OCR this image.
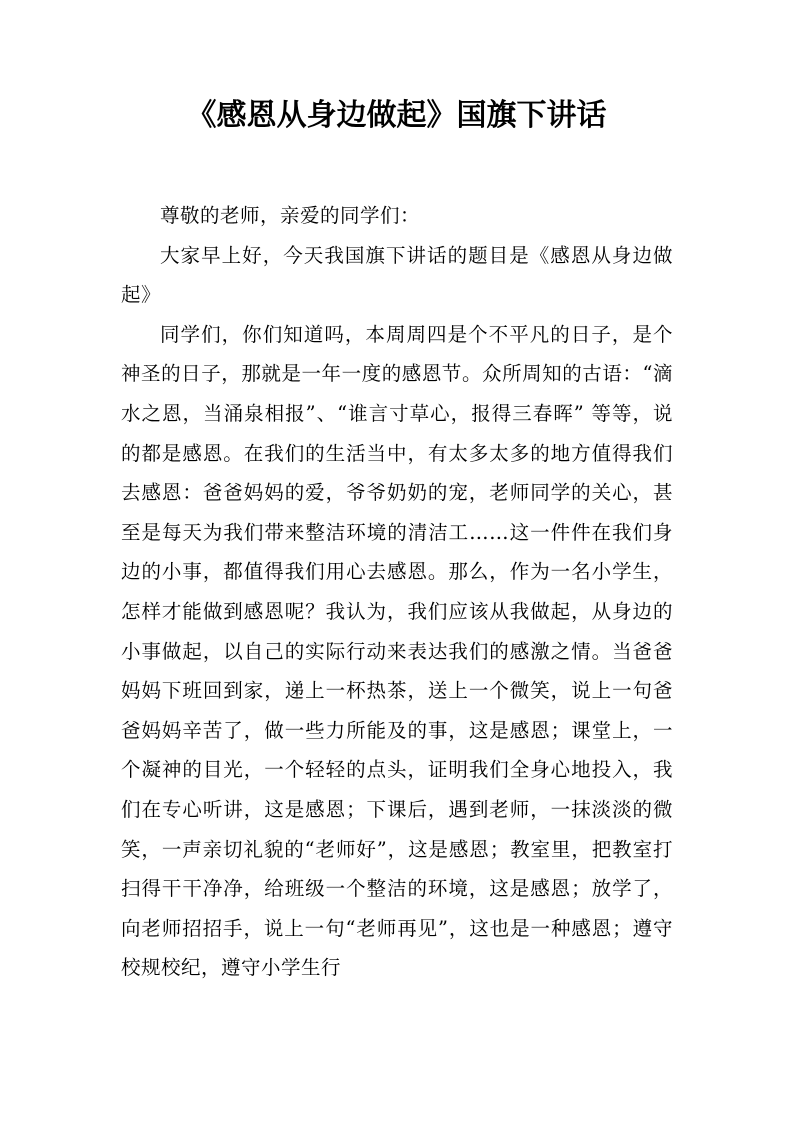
《感恩从身边做起》国旗下讲话

尊敬的老师，亲爱的同学们：

大家早上好，今天我国旗下讲话的题目是《感恩从身边做起》

同学们，你们知道吗，本周周四是个不平凡的日子，是个神圣的日子，那就是一年一度的感恩节。众所周知的古语：“滴水之恩，当涌泉相报”、“谁言寸草心，报得三春晖” 等等，说的都是感恩。在我们的生活当中，有太多太多的地方值得我们去感恩：爸爸妈妈的爱，爷爷奶奶的宠，老师同学的关心，甚至是每天为我们带来整洁环境的清洁工……这一件件在我们身边的小事，都值得我们用心去感恩。那么，作为一名小学生，怎样才能做到感恩呢？我认为，我们应该从我做起，从身边的小事做起，以自己的实际行动来表达我们的感激之情。当爸爸妈妈下班回到家，递上一杯热茶，送上一个微笑，说上一句爸爸妈妈辛苦了，做一些力所能及的事，这是感恩；课堂上，一个凝神的目光，一个轻轻的点头，证明我们全身心地投入，我们在专心听讲，这是感恩；下课后，遇到老师，一抹淡淡的微笑，一声亲切礼貌的“老师好”，这是感恩；教室里，把教室打扫得干干净净，给班级一个整洁的环境，这是感恩；放学了，向老师招招手，说上一句“老师再见”，这也是一种感恩；遵守校规校纪，遵守小学生行
